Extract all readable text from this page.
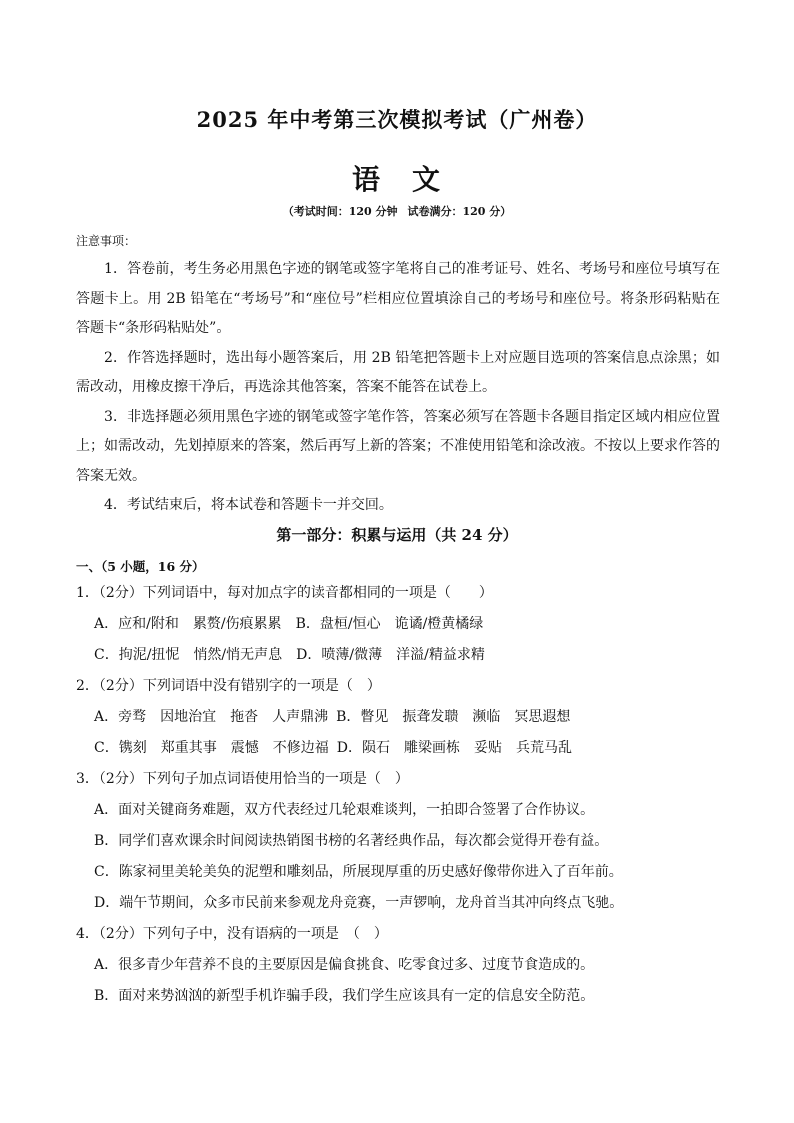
2025 年中考第三次模拟考试（广州卷）
语 文
（考试时间：120 分钟 试卷满分：120 分）
注意事项：

1．答卷前，考生务必用黑色字迹的钢笔或签字笔将自己的准考证号、姓名、考场号和座位号填写在答题卡上。用 2B 铅笔在“考场号”和“座位号”栏相应位置填涂自己的考场号和座位号。将条形码粘贴在答题卡“条形码粘贴处”。

2．作答选择题时，选出每小题答案后，用 2B 铅笔把答题卡上对应题目选项的答案信息点涂黑；如需改动，用橡皮擦干净后，再选涂其他答案，答案不能答在试卷上。

3．非选择题必须用黑色字迹的钢笔或签字笔作答，答案必须写在答题卡各题目指定区域内相应位置上；如需改动，先划掉原来的答案，然后再写上新的答案；不准使用铅笔和涂改液。不按以上要求作答的答案无效。

4．考试结束后，将本试卷和答题卡一并交回。

第一部分：积累与运用（共 24 分）
一、（5 小题，16 分）
1．（2分）下列词语中，每对加点字的读音都相同的一项是（　　）
A．应和/附和 累赘/伤痕累累 B．盘桓/恒心 诡谲/橙黄橘绿
C．拘泥/扭怩 悄然/悄无声息 D．喷薄/微薄 洋溢/精益求精
2．（2分）下列词语中没有错别字的一项是（　）
A．旁骛 因地治宜 拖沓 人声鼎沸 B．瞥见 振聋发聩 濒临 冥思遐想
C．镌刻 郑重其事 震憾 不修边福 D．陨石 雕梁画栋 妥贴 兵荒马乱
3．（2分）下列句子加点词语使用恰当的一项是（　）
A．面对关键商务难题，双方代表经过几轮艰难谈判，一拍即合签署了合作协议。
B．同学们喜欢课余时间阅读热销图书榜的名著经典作品，每次都会觉得开卷有益。
C．陈家祠里美轮美奂的泥塑和雕刻品，所展现厚重的历史感好像带你进入了百年前。
D．端午节期间，众多市民前来参观龙舟竞赛，一声锣响，龙舟首当其冲向终点飞驰。
4．（2分）下列句子中，没有语病的一项是　（　）
A．很多青少年营养不良的主要原因是偏食挑食、吃零食过多、过度节食造成的。
B．面对来势汹汹的新型手机诈骗手段，我们学生应该具有一定的信息安全防范。
